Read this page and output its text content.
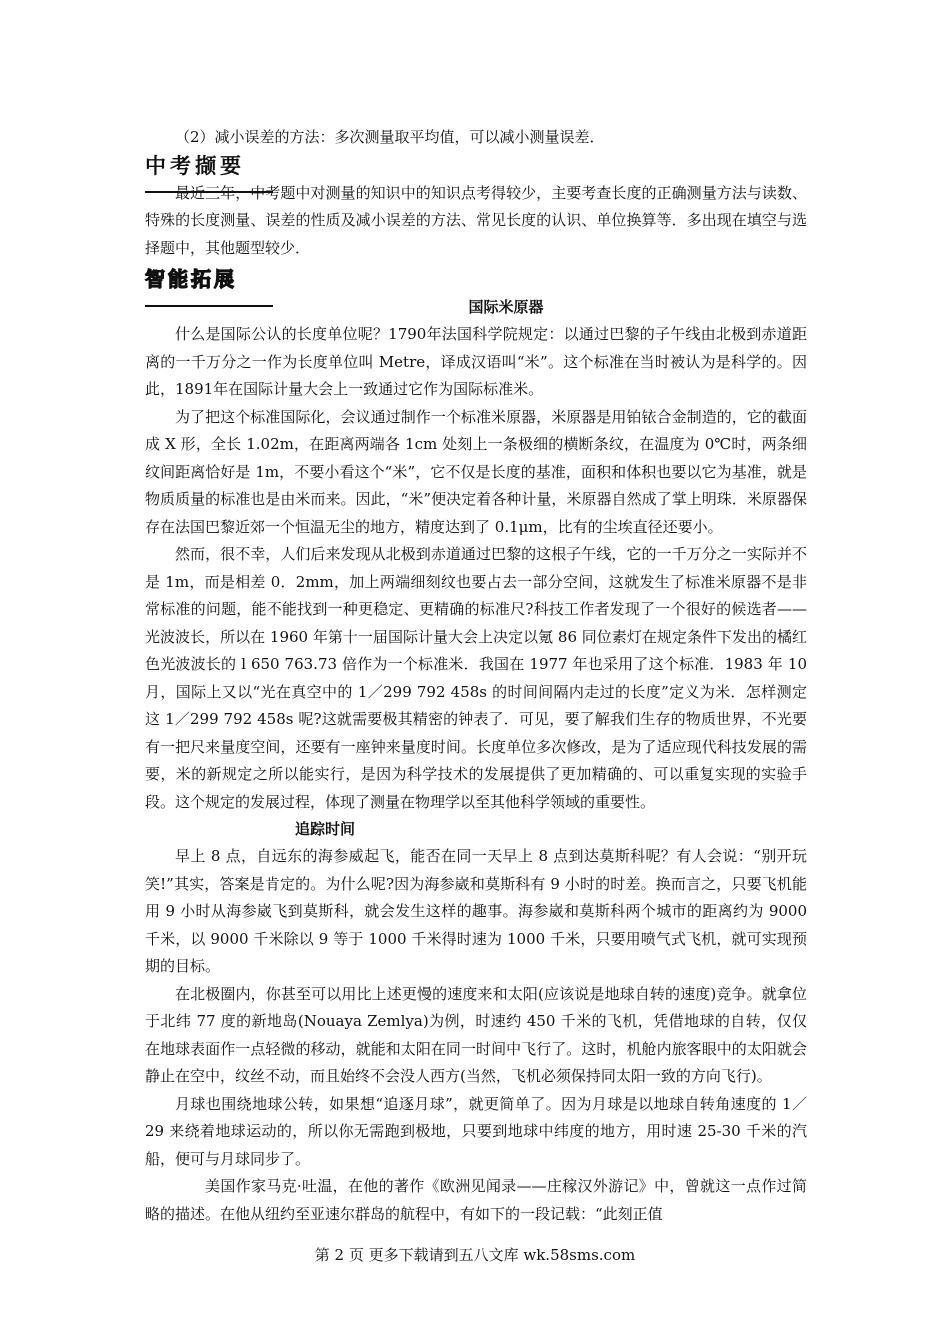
（2）减小误差的方法：多次测量取平均值，可以减小测量误差．

中考撷要

最近三年，中考题中对测量的知识中的知识点考得较少，主要考查长度的正确测量方法与读数、特殊的长度测量、误差的性质及减小误差的方法、常见长度的认识、单位换算等．多出现在填空与选择题中，其他题型较少．

智能拓展
国际米原器

什么是国际公认的长度单位呢？1790年法国科学院规定：以通过巴黎的子午线由北极到赤道距离的一千万分之一作为长度单位叫 Metre，译成汉语叫“米”。这个标准在当时被认为是科学的。因此，1891年在国际计量大会上一致通过它作为国际标准米。

为了把这个标准国际化，会议通过制作一个标准米原器，米原器是用铂铱合金制造的，它的截面成 X 形，全长 1.02m，在距离两端各 1cm 处刻上一条极细的横断条纹，在温度为 0℃时，两条细纹间距离恰好是 1m，不要小看这个“米”，它不仅是长度的基准，面积和体积也要以它为基准，就是物质质量的标准也是由米而来。因此，“米”便决定着各种计量，米原器自然成了掌上明珠．米原器保存在法国巴黎近郊一个恒温无尘的地方，精度达到了 0.1μm，比有的尘埃直径还要小。

然而，很不幸，人们后来发现从北极到赤道通过巴黎的这根子午线，它的一千万分之一实际并不是 1m，而是相差 0．2mm，加上两端细刻纹也要占去一部分空间，这就发生了标准米原器不是非常标准的问题，能不能找到一种更稳定、更精确的标准尺?科技工作者发现了一个很好的候选者——光波波长，所以在 1960 年第十一届国际计量大会上决定以氪 86 同位素灯在规定条件下发出的橘红色光波波长的 l 650 763.73 倍作为一个标准米．我国在 1977 年也采用了这个标准．1983 年 10 月，国际上又以“光在真空中的 1／299 792 458s 的时间间隔内走过的长度”定义为米．怎样测定这 1／299 792 458s 呢?这就需要极其精密的钟表了．可见，要了解我们生存的物质世界，不光要有一把尺来量度空间，还要有一座钟来量度时间。长度单位多次修改，是为了适应现代科技发展的需要，米的新规定之所以能实行，是因为科学技术的发展提供了更加精确的、可以重复实现的实验手段。这个规定的发展过程，体现了测量在物理学以至其他科学领域的重要性。

追踪时间

早上 8 点，自远东的海参威起飞，能否在同一天早上 8 点到达莫斯科呢？有人会说：“别开玩笑!”其实，答案是肯定的。为什么呢?因为海参崴和莫斯科有 9 小时的时差。换而言之，只要飞机能用 9 小时从海参崴飞到莫斯科，就会发生这样的趣事。海参崴和莫斯科两个城市的距离约为 9000 千米，以 9000 千米除以 9 等于 1000 千米得时速为 1000 千米，只要用喷气式飞机，就可实现预期的目标。

在北极圈内，你甚至可以用比上述更慢的速度来和太阳(应该说是地球自转的速度)竞争。就拿位于北纬 77 度的新地岛(Nouaya Zemlya)为例，时速约 450 千米的飞机，凭借地球的自转，仅仅在地球表面作一点轻微的移动，就能和太阳在同一时间中飞行了。这时，机舱内旅客眼中的太阳就会静止在空中，纹丝不动，而且始终不会没人西方(当然，飞机必须保持同太阳一致的方向飞行)。

月球也围绕地球公转，如果想“追逐月球”，就更简单了。因为月球是以地球自转角速度的 1／29 来绕着地球运动的，所以你无需跑到极地，只要到地球中纬度的地方，用时速 25-30 千米的汽船，便可与月球同步了。

美国作家马克·吐温，在他的著作《欧洲见闻录——庄稼汉外游记》中，曾就这一点作过简略的描述。在他从纽约至亚速尔群岛的航程中，有如下的一段记载：“此刻正值

第 2 页 更多下载请到五八文库 wk.58sms.com
